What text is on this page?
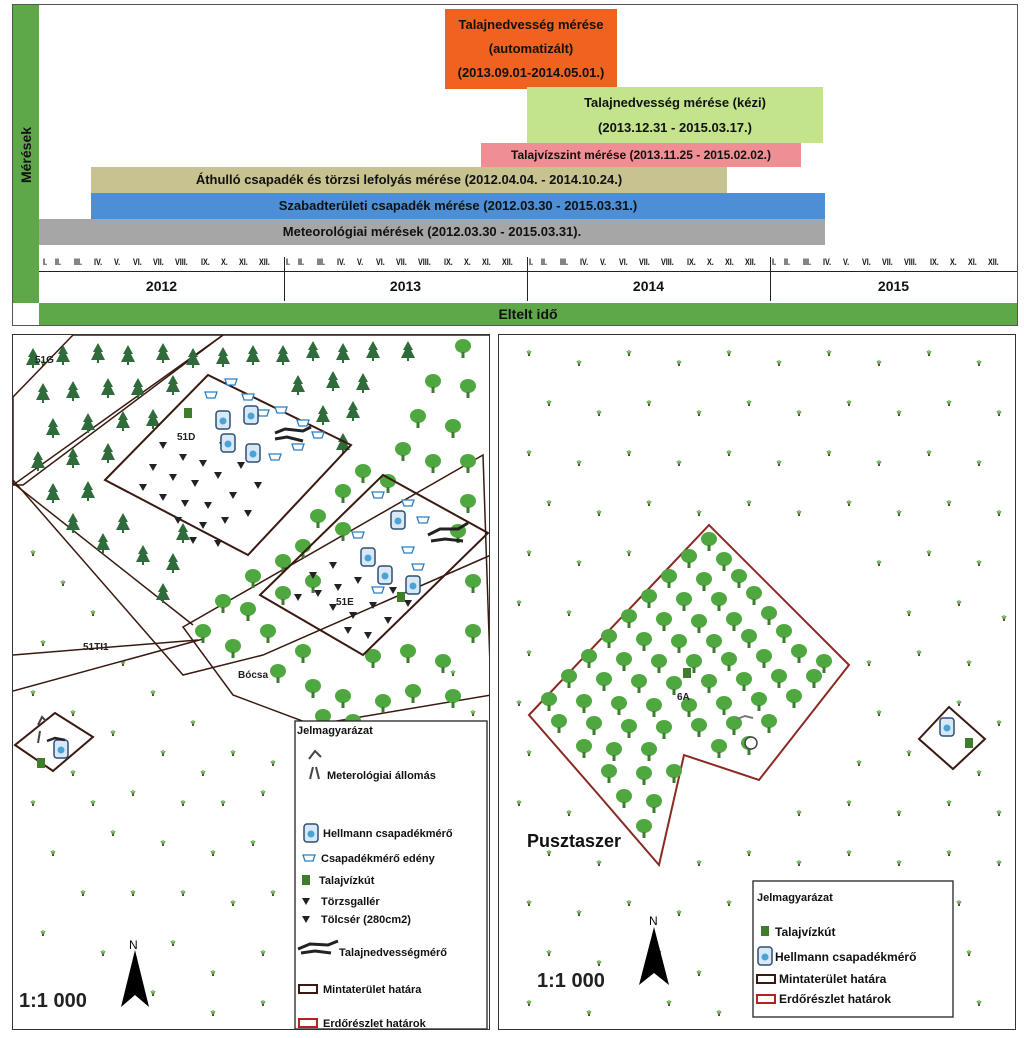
Mérések
Talajnedvesség mérése
(automatizált)
(2013.09.01-2014.05.01.)
Talajnedvesség mérése (kézi)
(2013.12.31 - 2015.03.17.)
Talajvízszint mérése (2013.11.25 - 2015.02.02.)
Áthulló csapadék és törzsi lefolyás mérése (2012.04.04. - 2014.10.24.)
Szabadterületi csapadék mérése (2012.03.30 - 2015.03.31.)
Meteorológiai mérések (2012.03.30 - 2015.03.31).
I. II. III. IV. V. VI. VII. VIII. IX. X. XI. XII. I. II. III. IV. V. VI. VII. VIII. IX. X. XI. XII. I. II. III. IV. V. VI. VII. VIII. IX. X. XI. XII. I. II. III. IV. V. VI. VII. VIII. IX. X. XI. XII.
2012	2013	2014	2015
Eltelt idő
51D
51E
51G
51TI1
Bócsa
N
1:1 000
Jelmagyarázat
Meterológiai állomás
Hellmann csapadékmérő
Csapadékmérő edény
Talajvízkút
Törzsgallér
Tölcsér (280cm2)
Talajnedvességmérő
Mintaterület határa
Erdőrészlet határok
6A
Pusztaszer
N
1:1 000
Jelmagyarázat
Talajvízkút
Hellmann csapadékmérő
Mintaterület határa
Erdőrészlet határok
